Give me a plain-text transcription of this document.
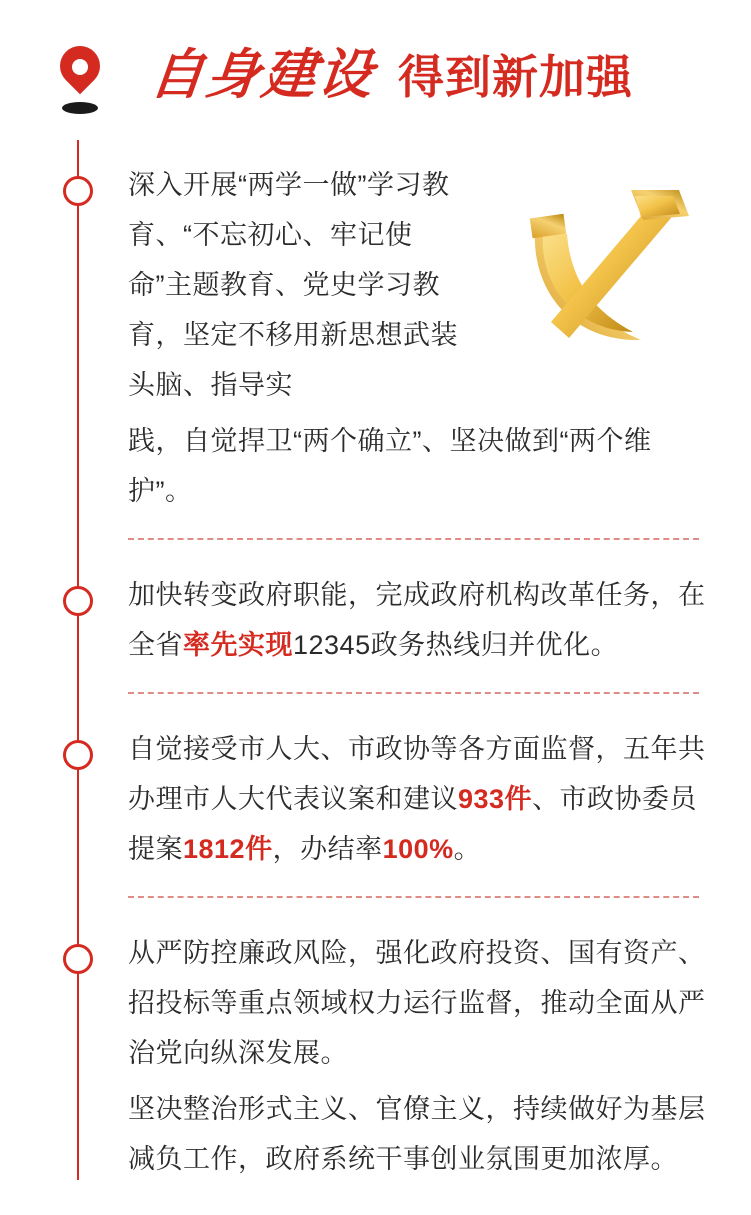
自身建设 得到新加强

深入开展“两学一做”学习教育、“不忘初心、牢记使命”主题教育、党史学习教育，坚定不移用新思想武装头脑、指导实

践，自觉捍卫“两个确立”、坚决做到“两个维护”。

加快转变政府职能，完成政府机构改革任务，在全省率先实现12345政务热线归并优化。

自觉接受市人大、市政协等各方面监督，五年共办理市人大代表议案和建议933件、市政协委员提案1812件，办结率100%。

从严防控廉政风险，强化政府投资、国有资产、招投标等重点领域权力运行监督，推动全面从严治党向纵深发展。

坚决整治形式主义、官僚主义，持续做好为基层减负工作，政府系统干事创业氛围更加浓厚。
